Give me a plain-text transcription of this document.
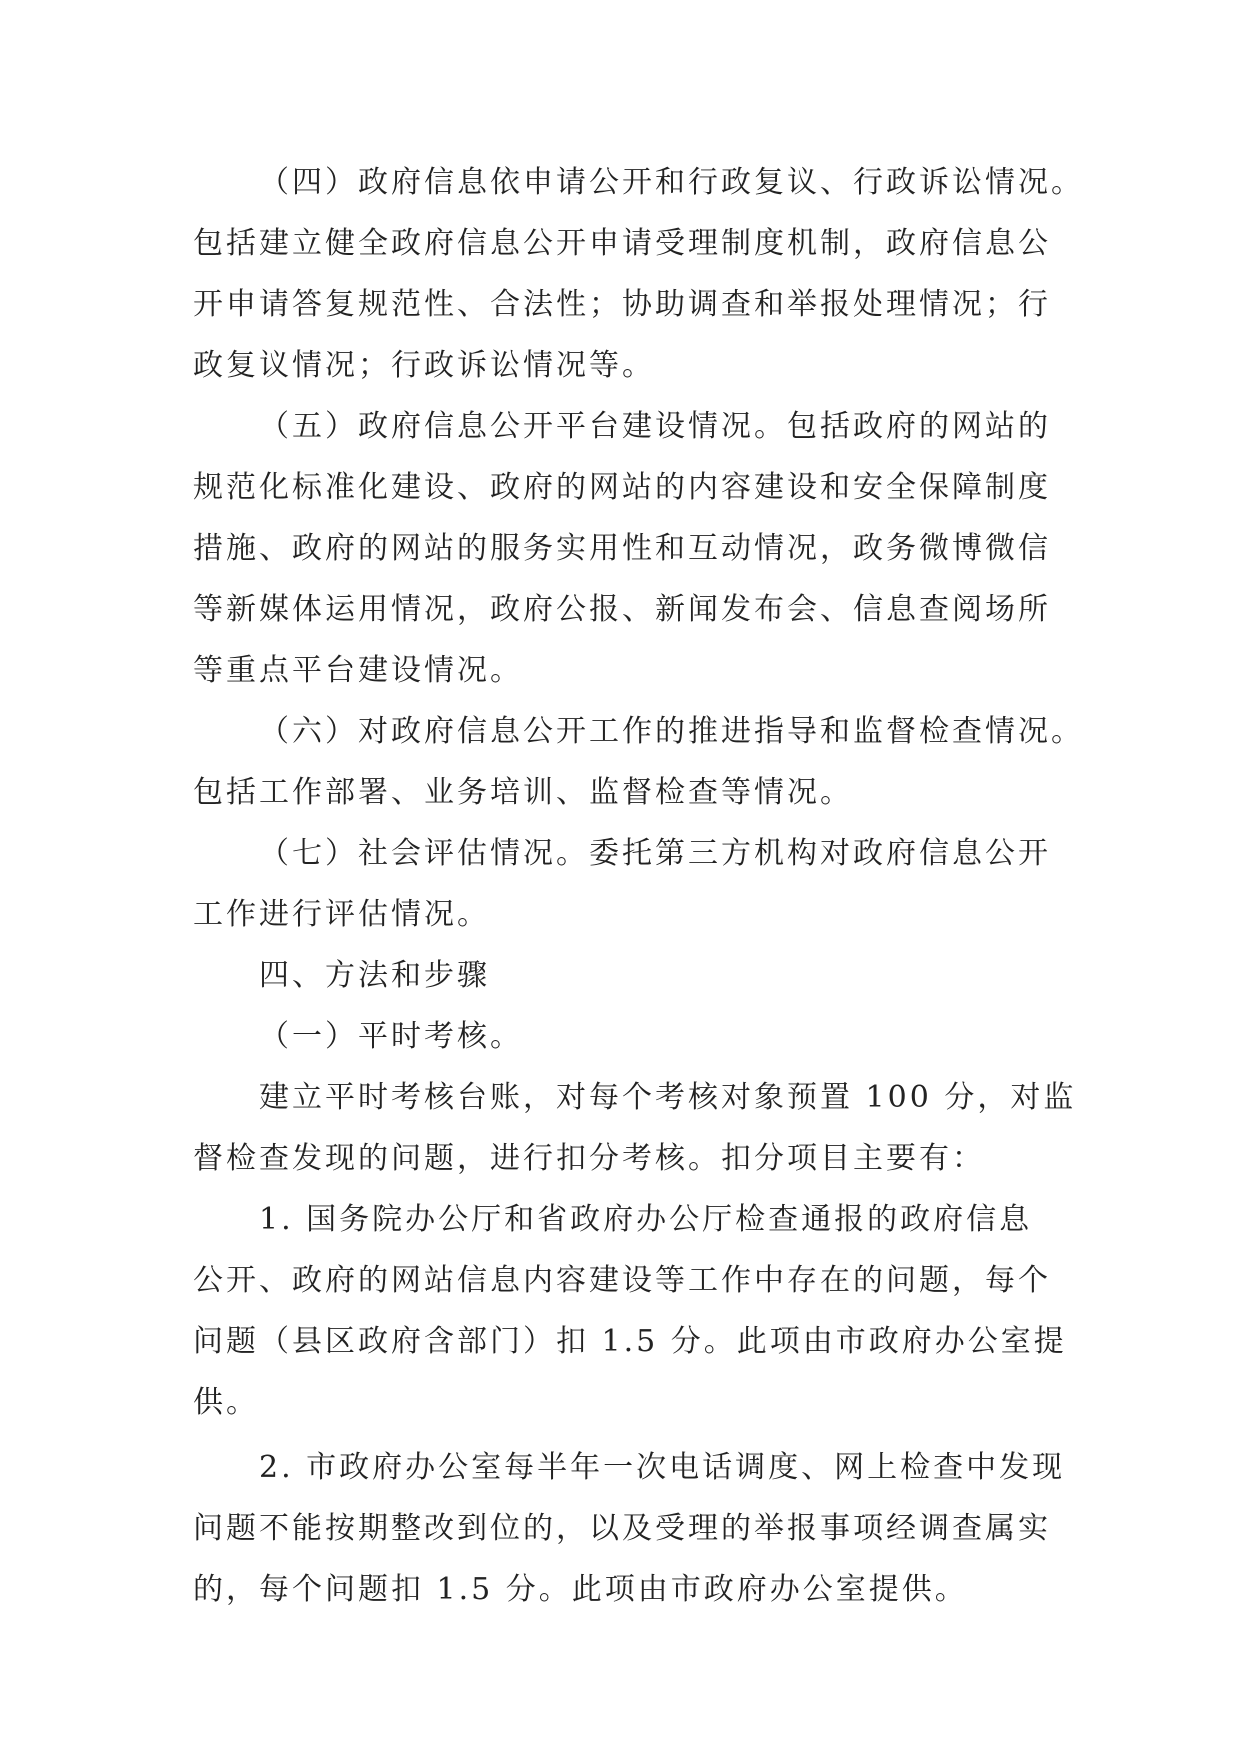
（四）政府信息依申请公开和行政复议、行政诉讼情况。
包括建立健全政府信息公开申请受理制度机制，政府信息公
开申请答复规范性、合法性；协助调查和举报处理情况；行
政复议情况；行政诉讼情况等。

（五）政府信息公开平台建设情况。包括政府的网站的
规范化标准化建设、政府的网站的内容建设和安全保障制度
措施、政府的网站的服务实用性和互动情况，政务微博微信
等新媒体运用情况，政府公报、新闻发布会、信息查阅场所
等重点平台建设情况。

（六）对政府信息公开工作的推进指导和监督检查情况。
包括工作部署、业务培训、监督检查等情况。

（七）社会评估情况。委托第三方机构对政府信息公开
工作进行评估情况。

四、方法和步骤

（一）平时考核。

建立平时考核台账，对每个考核对象预置 100 分，对监
督检查发现的问题，进行扣分考核。扣分项目主要有：

1. 国务院办公厅和省政府办公厅检查通报的政府信息
公开、政府的网站信息内容建设等工作中存在的问题，每个
问题（县区政府含部门）扣 1.5 分。此项由市政府办公室提
供。

2. 市政府办公室每半年一次电话调度、网上检查中发现
问题不能按期整改到位的，以及受理的举报事项经调查属实
的，每个问题扣 1.5 分。此项由市政府办公室提供。
